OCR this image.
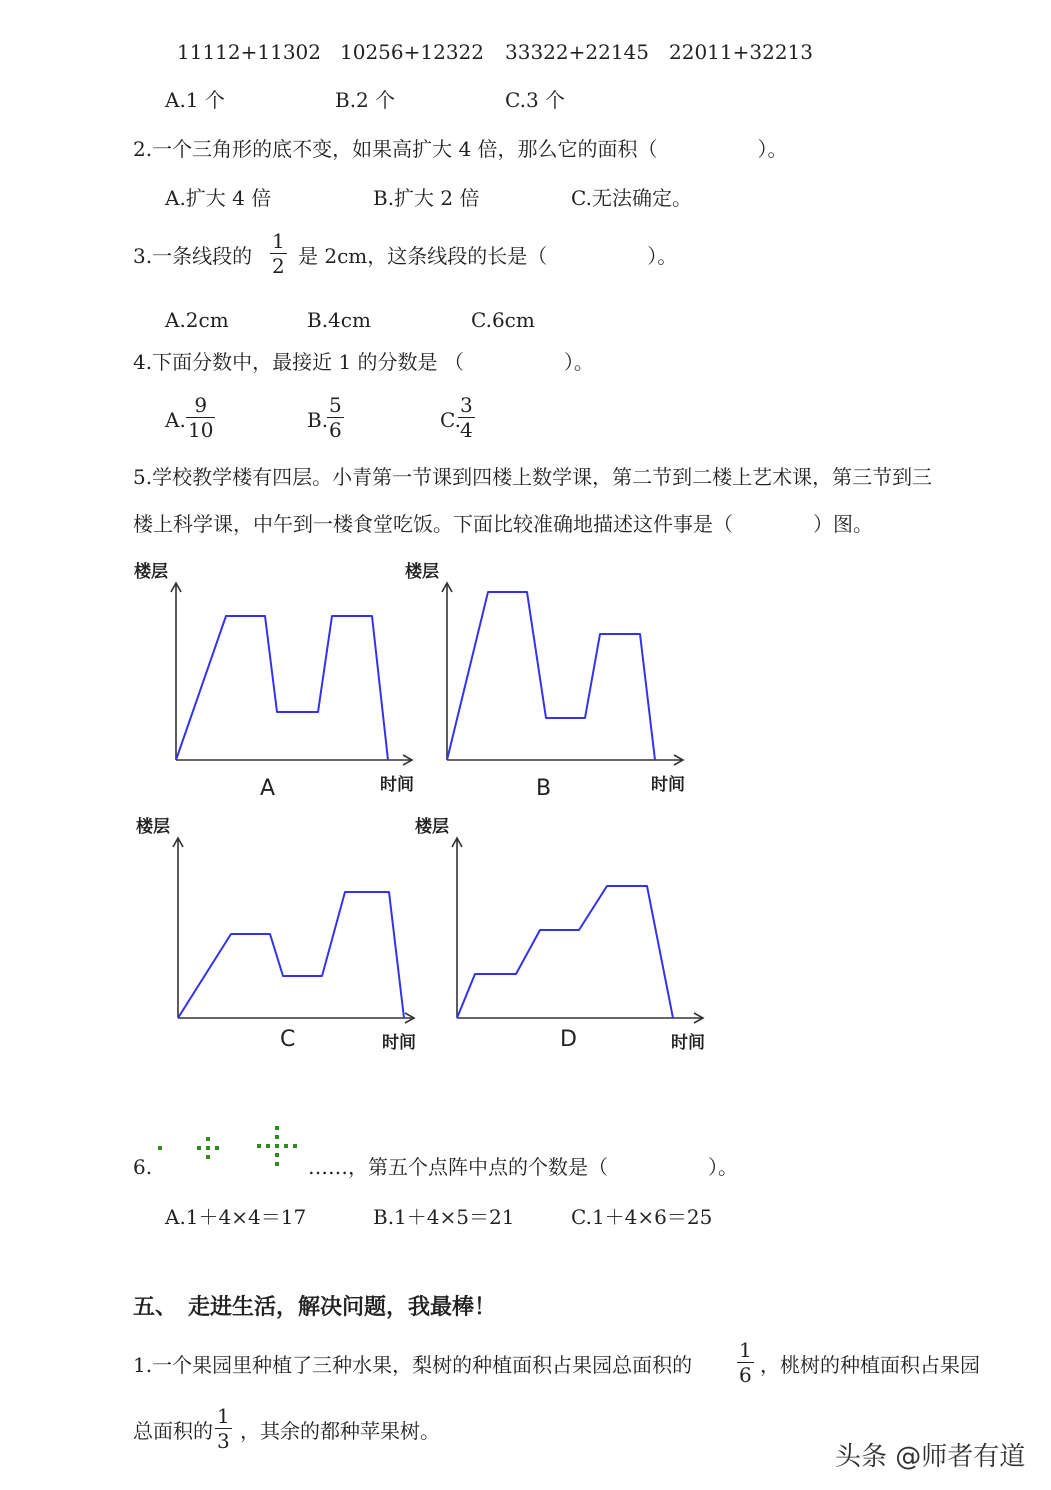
11112+11302 10256+12322 33322+22145 22011+32213
A.1 个	B.2 个	C.3 个
2.一个三角形的底不变，如果高扩大 4 倍，那么它的面积（　　　　　）。
A.扩大 4 倍	B.扩大 2 倍	C.无法确定。
3.一条线段的
1
2 是 2cm，这条线段的长是（　　　　　）。
A.2cm	B.4cm	C.6cm
4.下面分数中，最接近 1 的分数是 （　　　　　）。
A.
9
10	B.
5
6	C.
3
4
5.学校教学楼有四层。小青第一节课到四楼上数学课，第二节到二楼上艺术课，第三节到三
楼上科学课，中午到一楼食堂吃饭。下面比较准确地描述这件事是（　　　　）图。
楼层
时间
A
楼层
时间
B
楼层
时间
C
楼层
时间
D
6.	……，第五个点阵中点的个数是（　　　　　）。
A.1＋4×4＝17	B.1＋4×5＝21	C.1＋4×6＝25
五、　走进生活，解决问题，我最棒！
1.一个果园里种植了三种水果，梨树的种植面积占果园总面积的
1
6 ，桃树的种植面积占果园
总面积的
1
3 ，其余的都种苹果树。
头条 @师者有道
